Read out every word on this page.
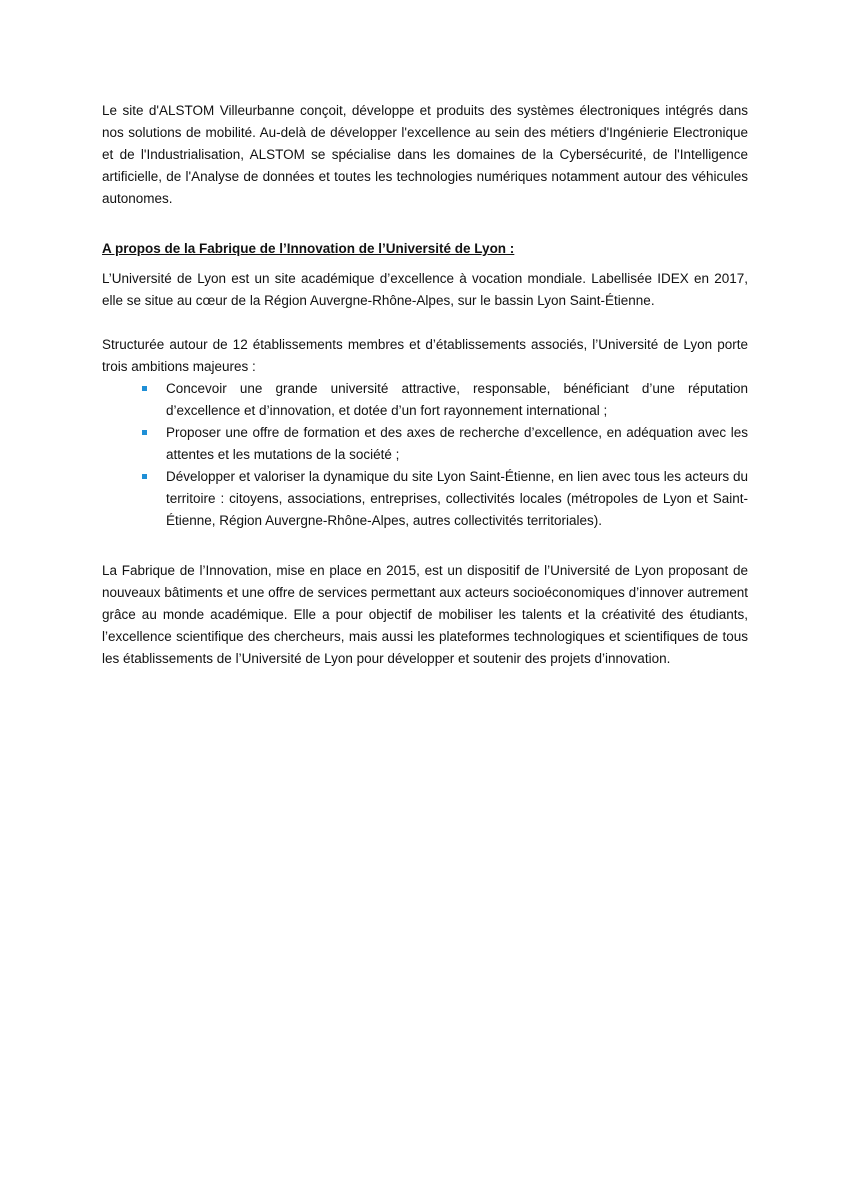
Le site d'ALSTOM Villeurbanne conçoit, développe et produits des systèmes électroniques intégrés dans nos solutions de mobilité. Au-delà de développer l'excellence au sein des métiers d'Ingénierie Electronique et de l'Industrialisation, ALSTOM se spécialise dans les domaines de la Cybersécurité, de l'Intelligence artificielle, de l'Analyse de données et toutes les technologies numériques notamment autour des véhicules autonomes.

A propos de la Fabrique de l’Innovation de l’Université de Lyon :

L’Université de Lyon est un site académique d’excellence à vocation mondiale. Labellisée IDEX en 2017, elle se situe au cœur de la Région Auvergne-Rhône-Alpes, sur le bassin Lyon Saint-Étienne.

Structurée autour de 12 établissements membres et d’établissements associés, l’Université de Lyon porte trois ambitions majeures :

Concevoir une grande université attractive, responsable, bénéficiant d’une réputation d’excellence et d’innovation, et dotée d’un fort rayonnement international ;
Proposer une offre de formation et des axes de recherche d’excellence, en adéquation avec les attentes et les mutations de la société ;
Développer et valoriser la dynamique du site Lyon Saint-Étienne, en lien avec tous les acteurs du territoire : citoyens, associations, entreprises, collectivités locales (métropoles de Lyon et Saint-Étienne, Région Auvergne-Rhône-Alpes, autres collectivités territoriales).

La Fabrique de l’Innovation, mise en place en 2015, est un dispositif de l’Université de Lyon proposant de nouveaux bâtiments et une offre de services permettant aux acteurs socioéconomiques d’innover autrement grâce au monde académique. Elle a pour objectif de mobiliser les talents et la créativité des étudiants, l’excellence scientifique des chercheurs, mais aussi les plateformes technologiques et scientifiques de tous les établissements de l’Université de Lyon pour développer et soutenir des projets d’innovation.
